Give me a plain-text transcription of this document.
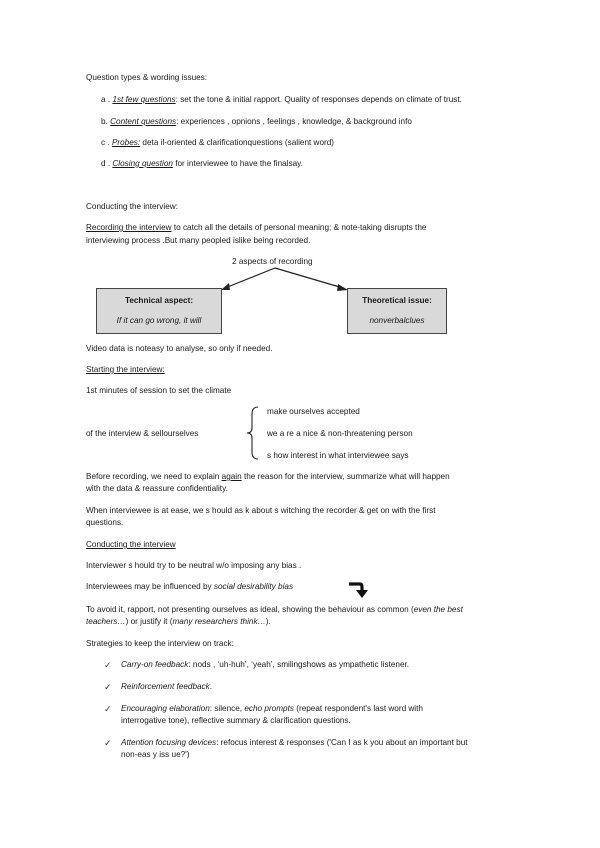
Question types & wording issues:
a . 1st few questions: set the tone & initial rapport. Quality of responses depends on climate of trust.
b. Content questions: experiences , opnions , feelings , knowledge, & background info
c . Probes: deta il-oriented & clarificationquestions (salient word)
d . Closing question for interviewee to have the finalsay.
Conducting the interview:
Recording the interview to catch all the details of personal meaning; & note-taking disrupts the
interviewing process .But many peopled islike being recorded.
2 aspects of recording
Technical aspect:
If it can go wrong, it will
Theoretical issue:
nonverbalclues
Video data is noteasy to analyse, so only if needed.
Starting the interview:
1st minutes of session to set the climate
of the interview & sellourselves
make ourselves accepted
we a re a nice & non-threatening person
s how interest in what interviewee says
Before recording, we need to explain again the reason for the interview, summarize what will happen
with the data & reassure confidentiality.
When interviewee is at ease, we s hould as k about s witching the recorder & get on with the first
questions.
Conducting the interview
Interviewer s hould try to be neutral w/o imposing any bias .
Interviewees may be influenced by social desirability bias
To avoid it, rapport, not presenting ourselves as ideal, showing the behaviour as common (even the best
teachers…) or justify it (many researchers think…).
Strategies to keep the interview on track:
✓ Carry-on feedback: nods , ‘uh-huh’, ‘yeah’, smilingshows as ympathetic listener.
✓ Reinforcement feedback.
✓ Encouraging elaboration: silence, echo prompts (repeat respondent's last word with
interrogative tone), reflective summary & clarification questions.
✓ Attention focusing devices: refocus interest & responses ('Can I as k you about an important but
non-eas y iss ue?')
